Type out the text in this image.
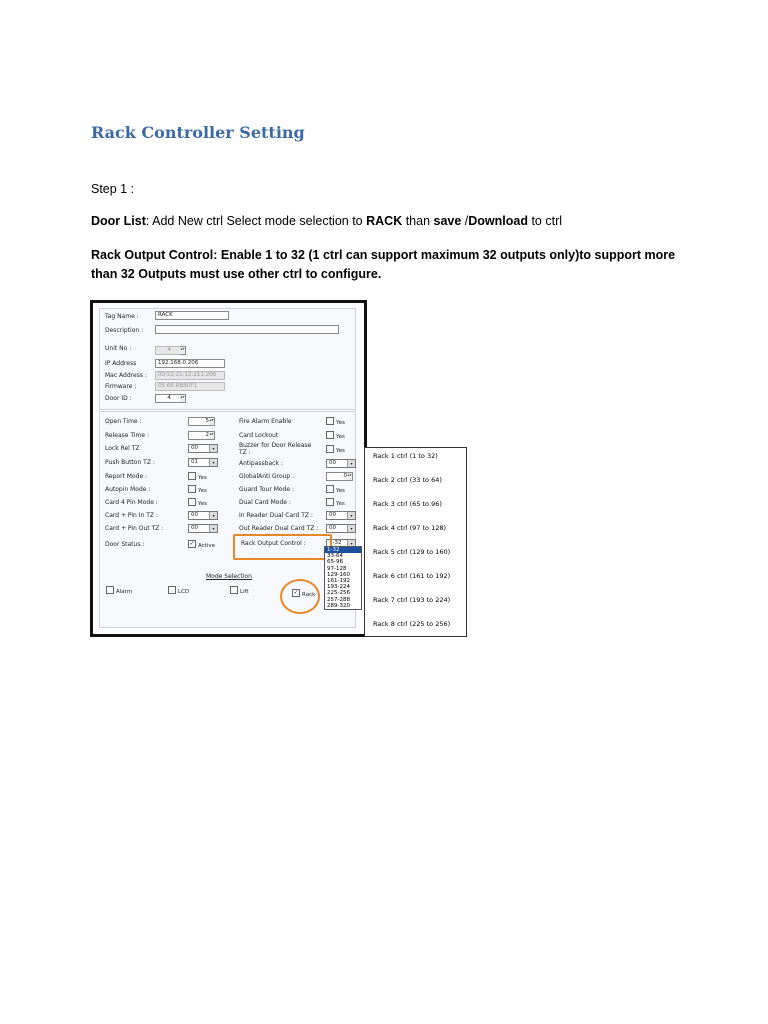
Rack Controller Setting

Step 1 :

Door List: Add New ctrl Select mode selection to RACK than save /Download to ctrl

Rack Output Control: Enable 1 to 32 (1 ctrl can support maximum 32 outputs only)to support more than 32 Outputs must use other ctrl to configure.

Tag Name :	RACK
Description :
Unit No :	4	▴▾
IP Address	192.168.0.206
Mac Address :	00:52:21:12:211:206
Firmware :	05.66.RBB0F1
Door ID :	4	▴▾
Open Time :	5 ▴▾
Release Time :	2 ▴▾
Lock Rel TZ	00	▾
Push Button TZ :	01	▾
Report Mode :	Yes
Autopin Mode :	Yes
Card 4 Pin Mode :	Yes
Card + Pin In TZ :	00	▾
Card + Pin Out TZ :	00	▾
Door Status :	✓ Active
Fire Alarm Enable	Yes
Card Lockout	Yes
Buzzer for Door Release TZ :	Yes
Antipassback :	00	▾
GlobalAnti Group :	0 ▴▾
Guard Tour Mode :	Yes
Dual Card Mode :	Yes
In Reader Dual Card TZ :	00	▾
Out Reader Dual Card TZ :	00	▾
Rack Output Control :	1-32	▾
Mode Selection
Alarm	LCD	Lift	✓ Rack
1-32
33-64
65-96
97-128
129-160
161-192
193-224
225-256
257-288
289-320
Rack 1 ctrl (1 to 32)
Rack 2 ctrl (33 to 64)
Rack 3 ctrl (65 to 96)
Rack 4 ctrl (97 to 128)
Rack 5 ctrl (129 to 160)
Rack 6 ctrl (161 to 192)
Rack 7 ctrl (193 to 224)
Rack 8 ctrl (225 to 256)
